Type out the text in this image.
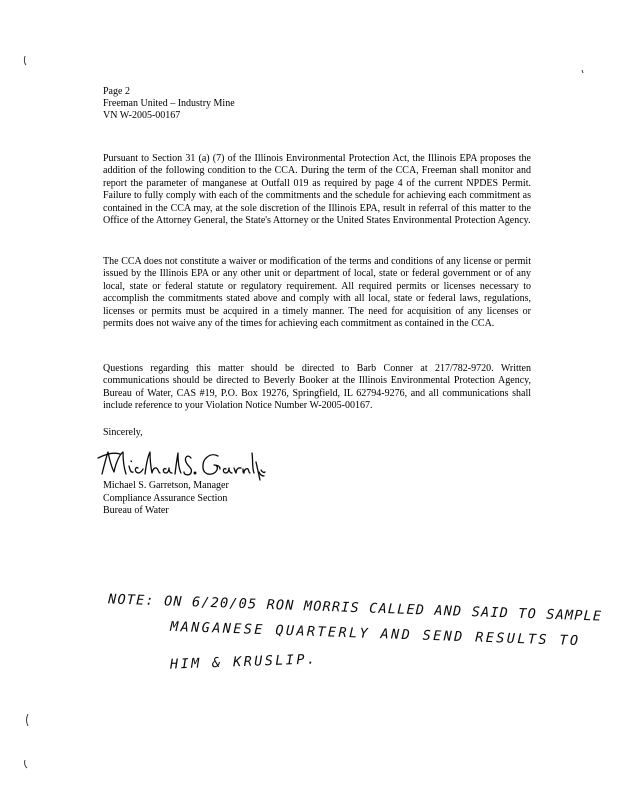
Page 2
Freeman United – Industry Mine
VN W-2005-00167

Pursuant to Section 31 (a) (7) of the Illinois Environmental Protection Act, the Illinois EPA proposes the addition of the following condition to the CCA. During the term of the CCA, Freeman shall monitor and report the parameter of manganese at Outfall 019 as required by page 4 of the current NPDES Permit. Failure to fully comply with each of the commitments and the schedule for achieving each commitment as contained in the CCA may, at the sole discretion of the Illinois EPA, result in referral of this matter to the Office of the Attorney General, the State's Attorney or the United States Environmental Protection Agency.

The CCA does not constitute a waiver or modification of the terms and conditions of any license or permit issued by the Illinois EPA or any other unit or department of local, state or federal government or of any local, state or federal statute or regulatory requirement. All required permits or licenses necessary to accomplish the commitments stated above and comply with all local, state or federal laws, regulations, licenses or permits must be acquired in a timely manner. The need for acquisition of any licenses or permits does not waive any of the times for achieving each commitment as contained in the CCA.

Questions regarding this matter should be directed to Barb Conner at 217/782-9720. Written communications should be directed to Beverly Booker at the Illinois Environmental Protection Agency, Bureau of Water, CAS #19, P.O. Box 19276, Springfield, IL 62794-9276, and all communications shall include reference to your Violation Notice Number W-2005-00167.

Sincerely,
Michael S. Garretson, Manager
Compliance Assurance Section
Bureau of Water
NOTE: ON 6/20/05 RON MORRIS CALLED AND SAID TO SAMPLE
MANGANESE QUARTERLY AND SEND RESULTS TO
HIM & KRUSLIP.
